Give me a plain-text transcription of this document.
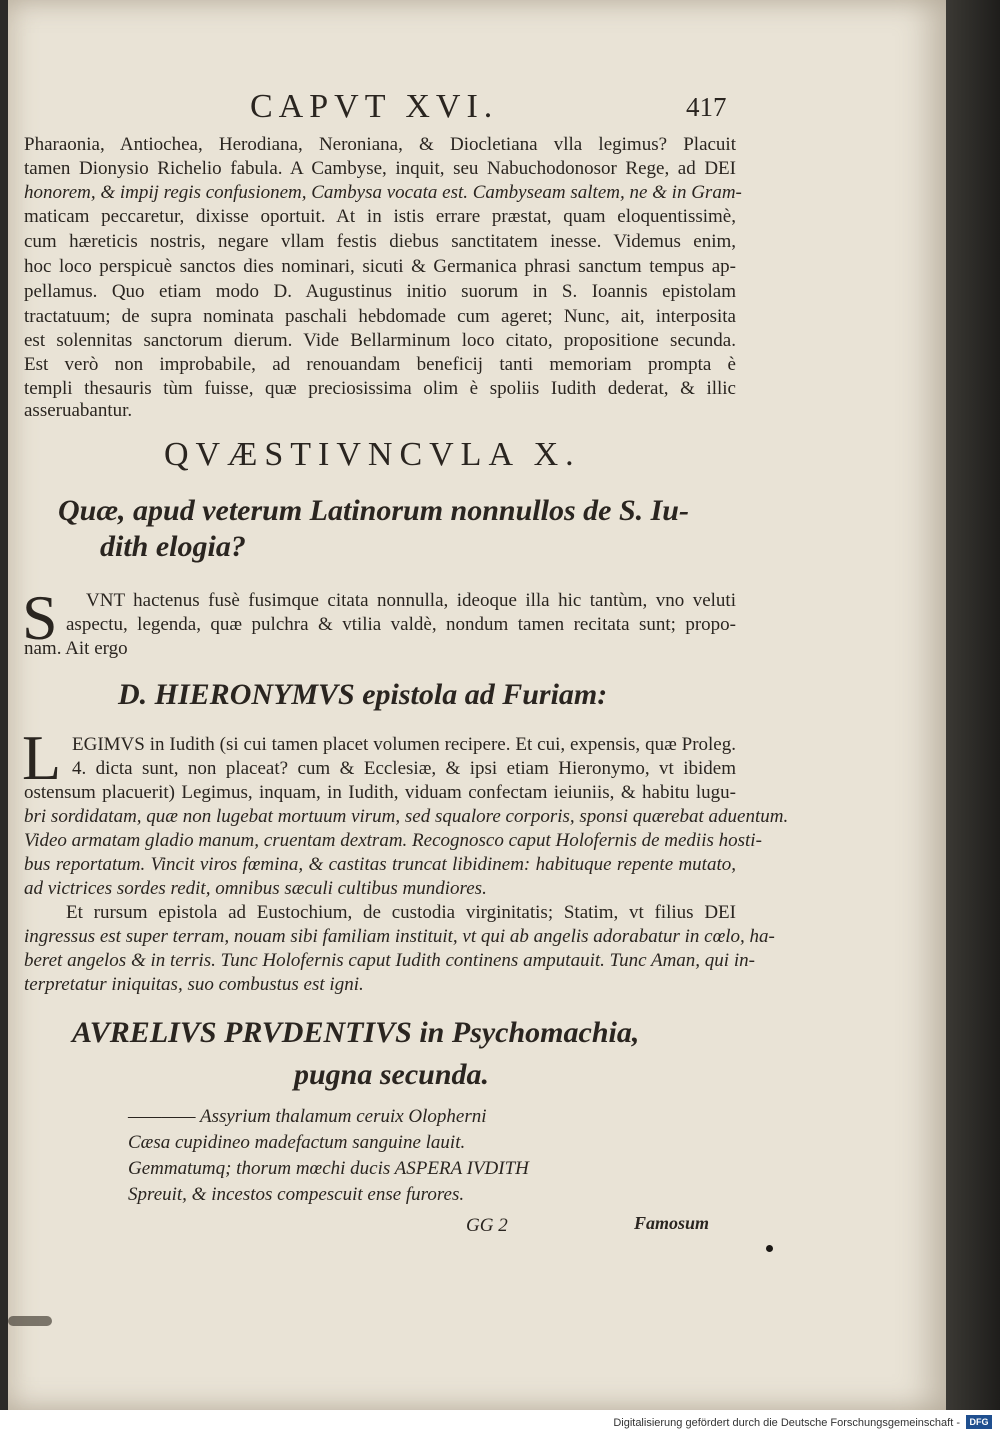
CAPVT XVI.	417
Pharaonia, Antiochea, Herodiana, Neroniana, & Diocletiana vlla legimus? Placuit
tamen Dionysio Richelio fabula. A Cambyse, inquit, seu Nabuchodonosor Rege, ad DEI
honorem, & impij regis confusionem, Cambysa vocata est. Cambyseam saltem, ne & in Gram-
maticam peccaretur, dixisse oportuit. At in istis errare præstat, quam eloquentissimè,
cum hæreticis nostris, negare vllam festis diebus sanctitatem inesse. Videmus enim,
hoc loco perspicuè sanctos dies nominari, sicuti & Germanica phrasi sanctum tempus ap-
pellamus. Quo etiam modo D. Augustinus initio suorum in S. Ioannis epistolam
tractatuum; de supra nominata paschali hebdomade cum ageret; Nunc, ait, interposita
est solennitas sanctorum dierum. Vide Bellarminum loco citato, propositione secunda.
Est verò non improbabile, ad renouandam beneficij tanti memoriam prompta è
templi thesauris tùm fuisse, quæ preciosissima olim è spoliis Iudith dederat, & illic
asseruabantur.
QVÆSTIVNCVLA X.
Quæ, apud veterum Latinorum nonnullos de S. Iu-
dith elogia?
S VNT hactenus fusè fusimque citata nonnulla, ideoque illa hic tantùm, vno veluti
aspectu, legenda, quæ pulchra & vtilia valdè, nondum tamen recitata sunt; propo-
nam. Ait ergo
D. HIERONYMVS epistola ad Furiam:
L EGIMVS in Iudith (si cui tamen placet volumen recipere. Et cui, expensis, quæ Proleg.
4. dicta sunt, non placeat? cum & Ecclesiæ, & ipsi etiam Hieronymo, vt ibidem
ostensum placuerit) Legimus, inquam, in Iudith, viduam confectam ieiuniis, & habitu lugu-
bri sordidatam, quæ non lugebat mortuum virum, sed squalore corporis, sponsi quærebat aduentum.
Video armatam gladio manum, cruentam dextram. Recognosco caput Holofernis de mediis hosti-
bus reportatum. Vincit viros fœmina, & castitas truncat libidinem: habituque repente mutato,
ad victrices sordes redit, omnibus sæculi cultibus mundiores.
Et rursum epistola ad Eustochium, de custodia virginitatis; Statim, vt filius DEI
ingressus est super terram, nouam sibi familiam instituit, vt qui ab angelis adorabatur in cœlo, ha-
beret angelos & in terris. Tunc Holofernis caput Iudith continens amputauit. Tunc Aman, qui in-
terpretatur iniquitas, suo combustus est igni.
AVRELIVS PRVDENTIVS in Psychomachia,
pugna secunda.
———— Assyrium thalamum ceruix Olopherni
Cæsa cupidineo madefactum sanguine lauit.
Gemmatumq; thorum mœchi ducis ASPERA IVDITH
Spreuit, & incestos compescuit ense furores.
GG 2	Famosum
Digitalisierung gefördert durch die Deutsche Forschungsgemeinschaft -	DFG
